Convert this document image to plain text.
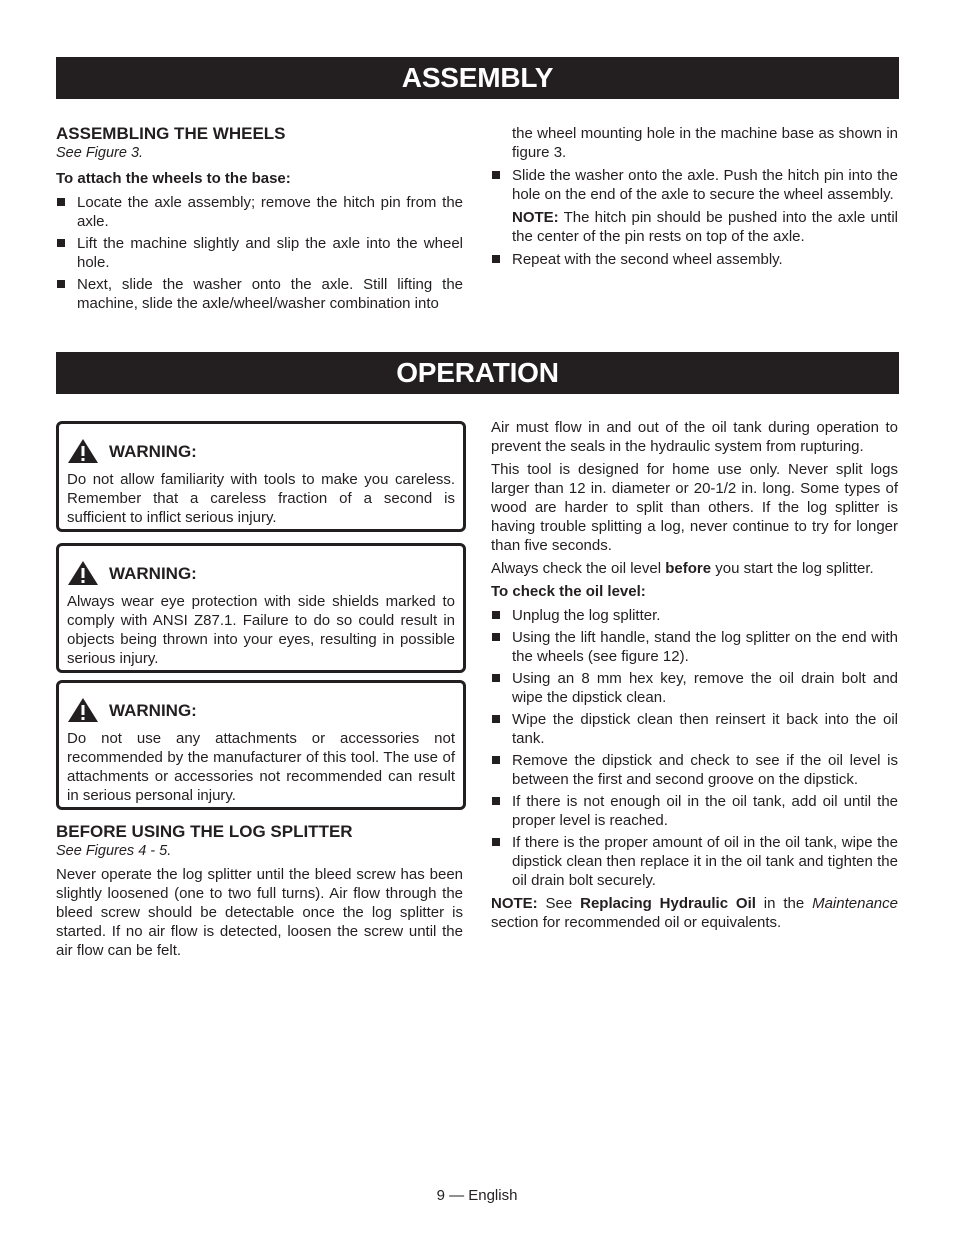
ASSEMBLY
ASSEMBLING THE WHEELS
See Figure 3.
To attach the wheels to the base:
Locate the axle assembly; remove the hitch pin from the axle.
Lift the machine slightly and slip the axle into the wheel hole.
Next, slide the washer onto the axle. Still lifting the machine, slide the axle/wheel/washer combination into

the wheel mounting hole in the machine base as shown in figure 3.

Slide the washer onto the axle. Push the hitch pin into the hole on the end of the axle to secure the wheel assembly.

NOTE: The hitch pin should be pushed into the axle until the center of the pin rests on top of the axle.

Repeat with the second wheel assembly.
OPERATION
WARNING:
Do not allow familiarity with tools to make you careless. Remember that a careless fraction of a second is sufficient to inflict serious injury.
WARNING:
Always wear eye protection with side shields marked to comply with ANSI Z87.1. Failure to do so could result in objects being thrown into your eyes, resulting in possible serious injury.
WARNING:
Do not use any attachments or accessories not recommended by the manufacturer of this tool. The use of attachments or accessories not recommended can result in serious personal injury.
BEFORE USING THE LOG SPLITTER
See Figures 4 - 5.

Never operate the log splitter until the bleed screw has been slightly loosened (one to two full turns). Air flow through the bleed screw should be detectable once the log splitter is started. If no air flow is detected, loosen the screw until the air flow can be felt.

Air must flow in and out of the oil tank during operation to prevent the seals in the hydraulic system from rupturing.

This tool is designed for home use only. Never split logs larger than 12 in. diameter or 20-1/2 in. long. Some types of wood are harder to split than others. If the log splitter is having trouble splitting a log, never continue to try for longer than five seconds.

Always check the oil level before you start the log splitter.

To check the oil level:
Unplug the log splitter.
Using the lift handle, stand the log splitter on the end with the wheels (see figure 12).
Using an 8 mm hex key, remove the oil drain bolt and wipe the dipstick clean.
Wipe the dipstick clean then reinsert it back into the oil tank.
Remove the dipstick and check to see if the oil level is between the first and second groove on the dipstick.
If there is not enough oil in the oil tank, add oil until the proper level is reached.
If there is the proper amount of oil in the oil tank, wipe the dipstick clean then replace it in the oil tank and tighten the oil drain bolt securely.

NOTE: See Replacing Hydraulic Oil in the Maintenance section for recommended oil or equivalents.

9 — English
